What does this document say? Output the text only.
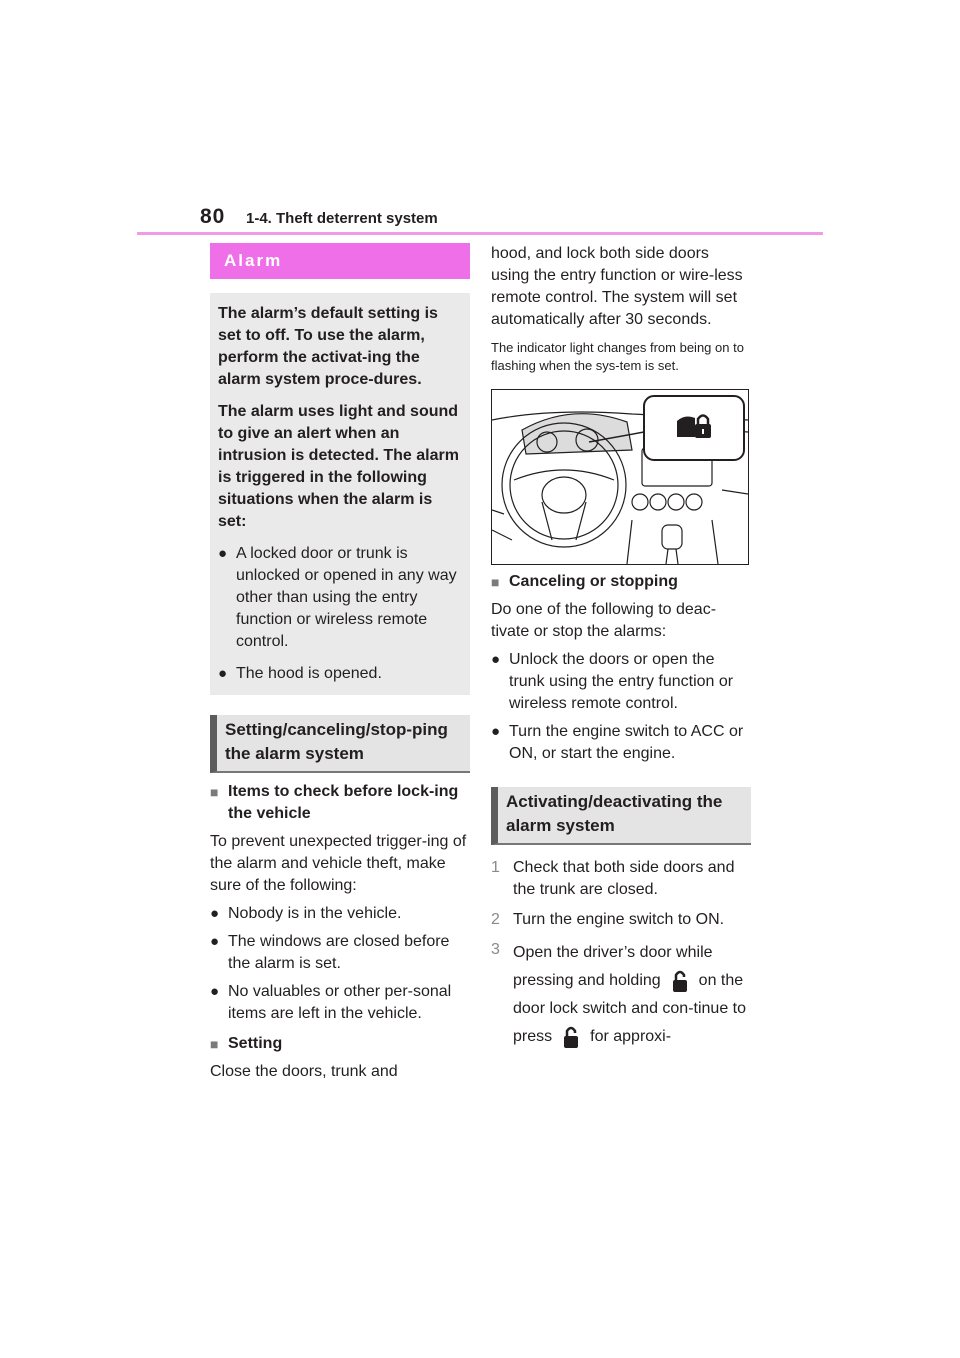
80 1-4. Theft deterrent system
Alarm

The alarm’s default setting is set to off. To use the alarm, perform the activat-ing the alarm system proce-dures.

The alarm uses light and sound to give an alert when an intrusion is detected. The alarm is triggered in the following situations when the alarm is set:

● A locked door or trunk is unlocked or opened in any way other than using the entry function or wireless remote control.
● The hood is opened.
Setting/canceling/stop-ping the alarm system
■ Items to check before lock-ing the vehicle
To prevent unexpected trigger-ing of the alarm and vehicle theft, make sure of the following:
● Nobody is in the vehicle.
● The windows are closed before the alarm is set.
● No valuables or other per-sonal items are left in the vehicle.
■ Setting
Close the doors, trunk and
hood, and lock both side doors using the entry function or wire-less remote control. The system will set automatically after 30 seconds.
The indicator light changes from being on to flashing when the sys-tem is set.
■ Canceling or stopping
Do one of the following to deac-tivate or stop the alarms:
● Unlock the doors or open the trunk using the entry function or wireless remote control.
● Turn the engine switch to ACC or ON, or start the engine.
Activating/deactivating the alarm system
1 Check that both side doors and the trunk are closed.
2 Turn the engine switch to ON.
3 Open the driver’s door while pressing and holding on the door lock switch and con-tinue to press for approxi-
